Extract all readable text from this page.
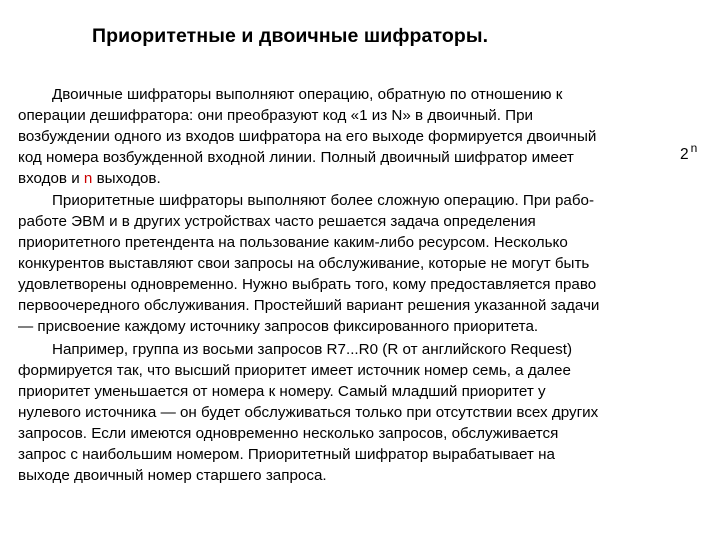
Приоритетные и двоичные шифраторы.
Двоичные шифраторы выполняют операцию, обратную по отношению к
операции дешифратора: они преобразуют код «1 из N» в двоичный. При
возбуждении одного из входов шифратора на его выходе формируется двоичный
код номера возбужденной входной линии. Полный двоичный шифратор имеет	2 $^n$
входов и n выходов.
Приоритетные шифраторы выполняют более сложную операцию. При рабо-
работе ЭВМ и в других устройствах часто решается задача определения
приоритетного претендента на пользование каким-либо ресурсом. Несколько
конкурентов выставляют свои запросы на обслуживание, которые не могут быть
удовлетворены одновременно. Нужно выбрать того, кому предоставляется право
первоочередного обслуживания. Простейший вариант решения указанной задачи
— присвоение каждому источнику запросов фиксированного приоритета.
Например, группа из восьми запросов R7...R0 (R от английского Request)
формируется так, что высший приоритет имеет источник номер семь, а далее
приоритет уменьшается от номера к номеру. Самый младший приоритет у
нулевого источника — он будет обслуживаться только при отсутствии всех других
запросов. Если имеются одновременно несколько запросов, обслуживается
запрос с наибольшим номером. Приоритетный шифратор вырабатывает на
выходе двоичный номер старшего запроса.
